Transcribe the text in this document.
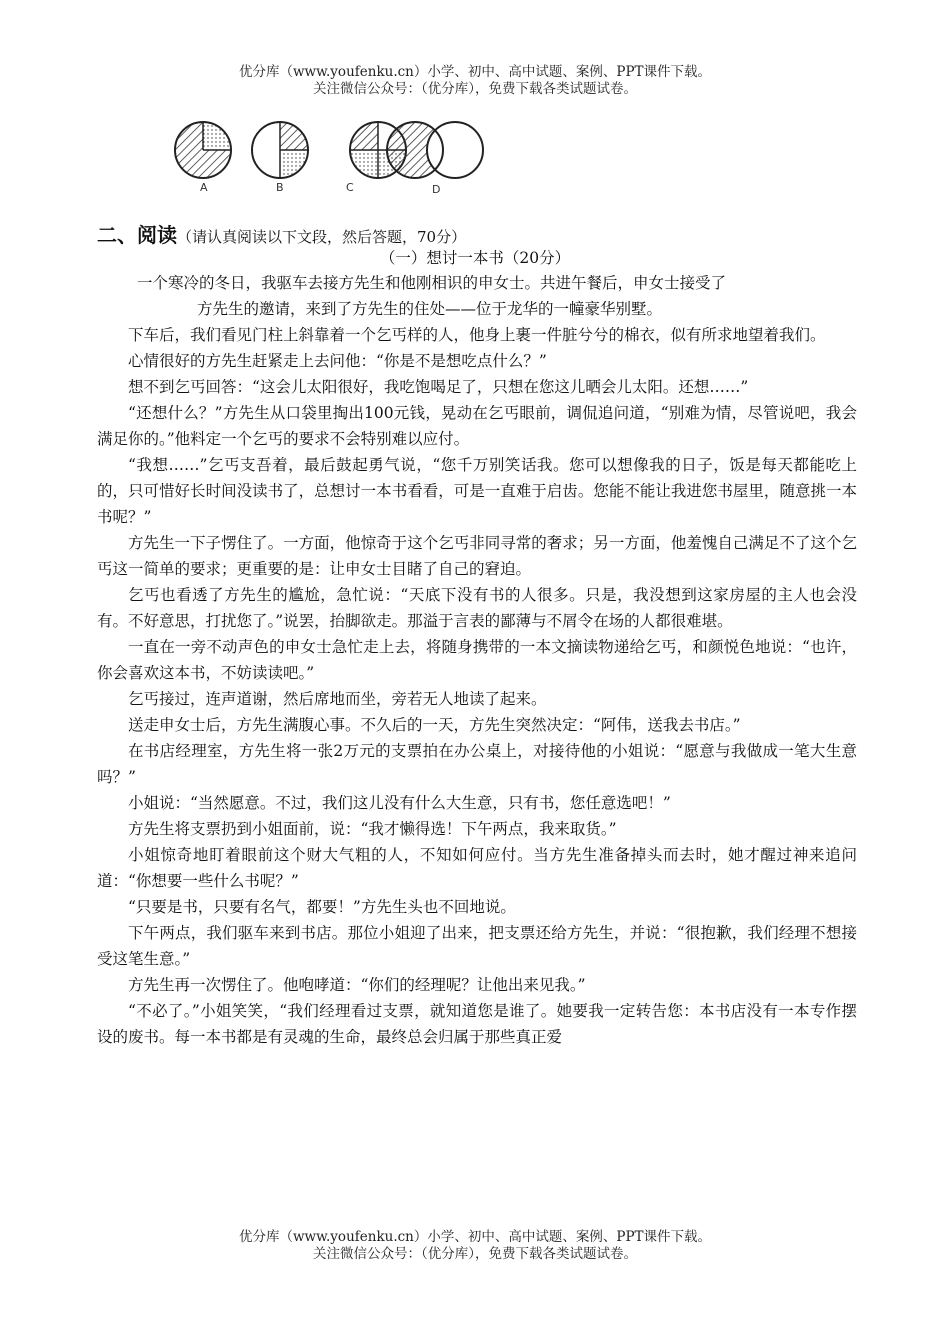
优分库（www.youfenku.cn）小学、初中、高中试题、案例、PPT课件下载。
关注微信公众号：（优分库），免费下载各类试题试卷。
A	B	C	D
二、阅读（请认真阅读以下文段，然后答题，70分）
（一）想讨一本书（20分）

一个寒冷的冬日，我驱车去接方先生和他刚相识的申女士。共进午餐后，申女士接受了
方先生的邀请，来到了方先生的住处——位于龙华的一幢豪华别墅。

下车后，我们看见门柱上斜靠着一个乞丐样的人，他身上裹一件脏兮兮的棉衣，似有所求地望着我们。

心情很好的方先生赶紧走上去问他：“你是不是想吃点什么？”

想不到乞丐回答：“这会儿太阳很好，我吃饱喝足了，只想在您这儿晒会儿太阳。还想……”

“还想什么？”方先生从口袋里掏出100元钱，晃动在乞丐眼前，调侃追问道，“别难为情，尽管说吧，我会满足你的。”他料定一个乞丐的要求不会特别难以应付。

“我想……”乞丐支吾着，最后鼓起勇气说，“您千万别笑话我。您可以想像我的日子，饭是每天都能吃上的，只可惜好长时间没读书了，总想讨一本书看看，可是一直难于启齿。您能不能让我进您书屋里，随意挑一本书呢？”

方先生一下子愣住了。一方面，他惊奇于这个乞丐非同寻常的奢求；另一方面，他羞愧自己满足不了这个乞丐这一简单的要求；更重要的是：让申女士目睹了自己的窘迫。

乞丐也看透了方先生的尴尬，急忙说：“天底下没有书的人很多。只是，我没想到这家房屋的主人也会没有。不好意思，打扰您了。”说罢，抬脚欲走。那溢于言表的鄙薄与不屑令在场的人都很难堪。

一直在一旁不动声色的申女士急忙走上去，将随身携带的一本文摘读物递给乞丐，和颜悦色地说：“也许，你会喜欢这本书，不妨读读吧。”

乞丐接过，连声道谢，然后席地而坐，旁若无人地读了起来。

送走申女士后，方先生满腹心事。不久后的一天，方先生突然决定：“阿伟，送我去书店。”

在书店经理室，方先生将一张2万元的支票拍在办公桌上，对接待他的小姐说：“愿意与我做成一笔大生意吗？”

小姐说：“当然愿意。不过，我们这儿没有什么大生意，只有书，您任意选吧！”

方先生将支票扔到小姐面前，说：“我才懒得选！下午两点，我来取货。”

小姐惊奇地盯着眼前这个财大气粗的人，不知如何应付。当方先生准备掉头而去时，她才醒过神来追问道：“你想要一些什么书呢？”

“只要是书，只要有名气，都要！”方先生头也不回地说。

下午两点，我们驱车来到书店。那位小姐迎了出来，把支票还给方先生，并说：“很抱歉，我们经理不想接受这笔生意。”

方先生再一次愣住了。他咆哮道：“你们的经理呢？让他出来见我。”

“不必了。”小姐笑笑，“我们经理看过支票，就知道您是谁了。她要我一定转告您：本书店没有一本专作摆设的废书。每一本书都是有灵魂的生命，最终总会归属于那些真正爱

优分库（www.youfenku.cn）小学、初中、高中试题、案例、PPT课件下载。
关注微信公众号：（优分库），免费下载各类试题试卷。
